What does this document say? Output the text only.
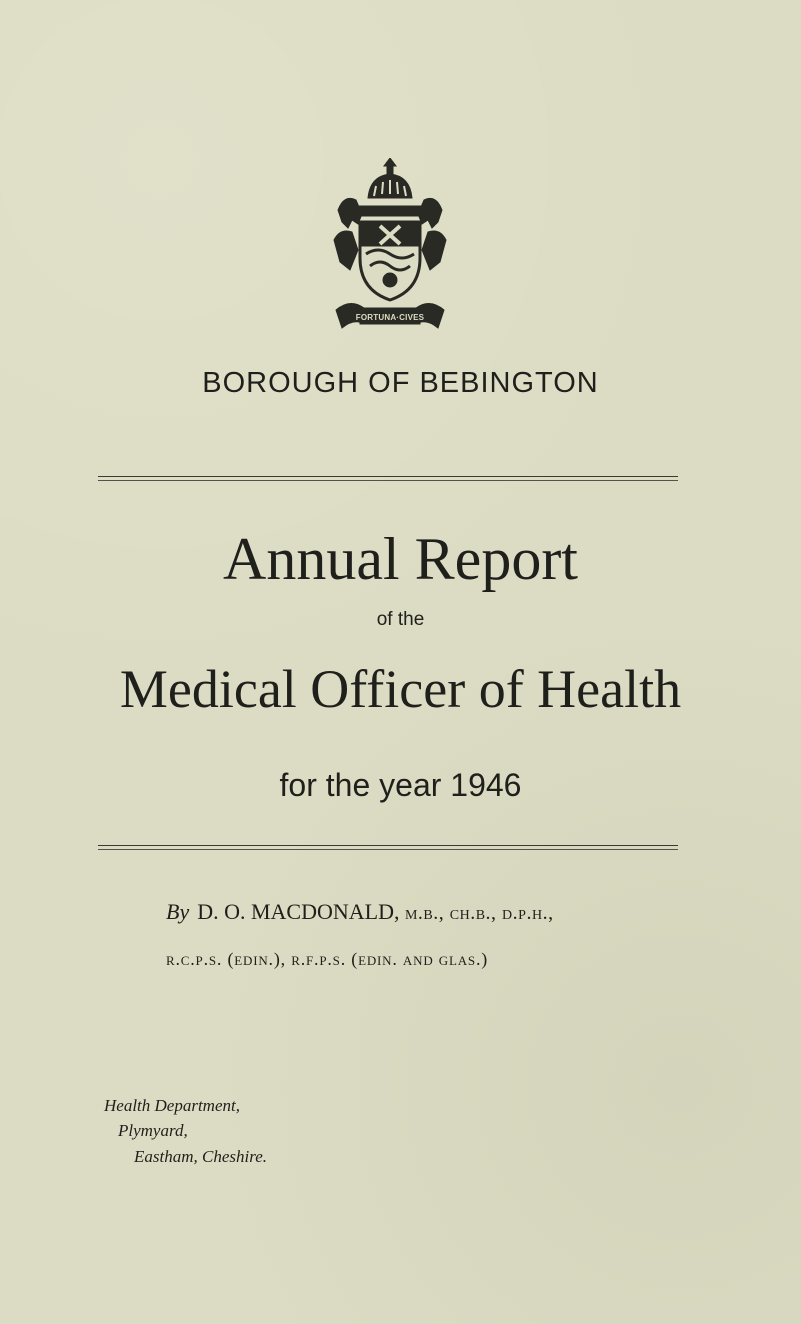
FORTUNA·CIVES
BOROUGH OF BEBINGTON
Annual Report
of the
Medical Officer of Health
for the year 1946
By D. O. MACDONALD, m.b., ch.b., d.p.h.,
r.c.p.s. (edin.), r.f.p.s. (edin. and glas.)
Health Department,
Plymyard,
Eastham, Cheshire.
